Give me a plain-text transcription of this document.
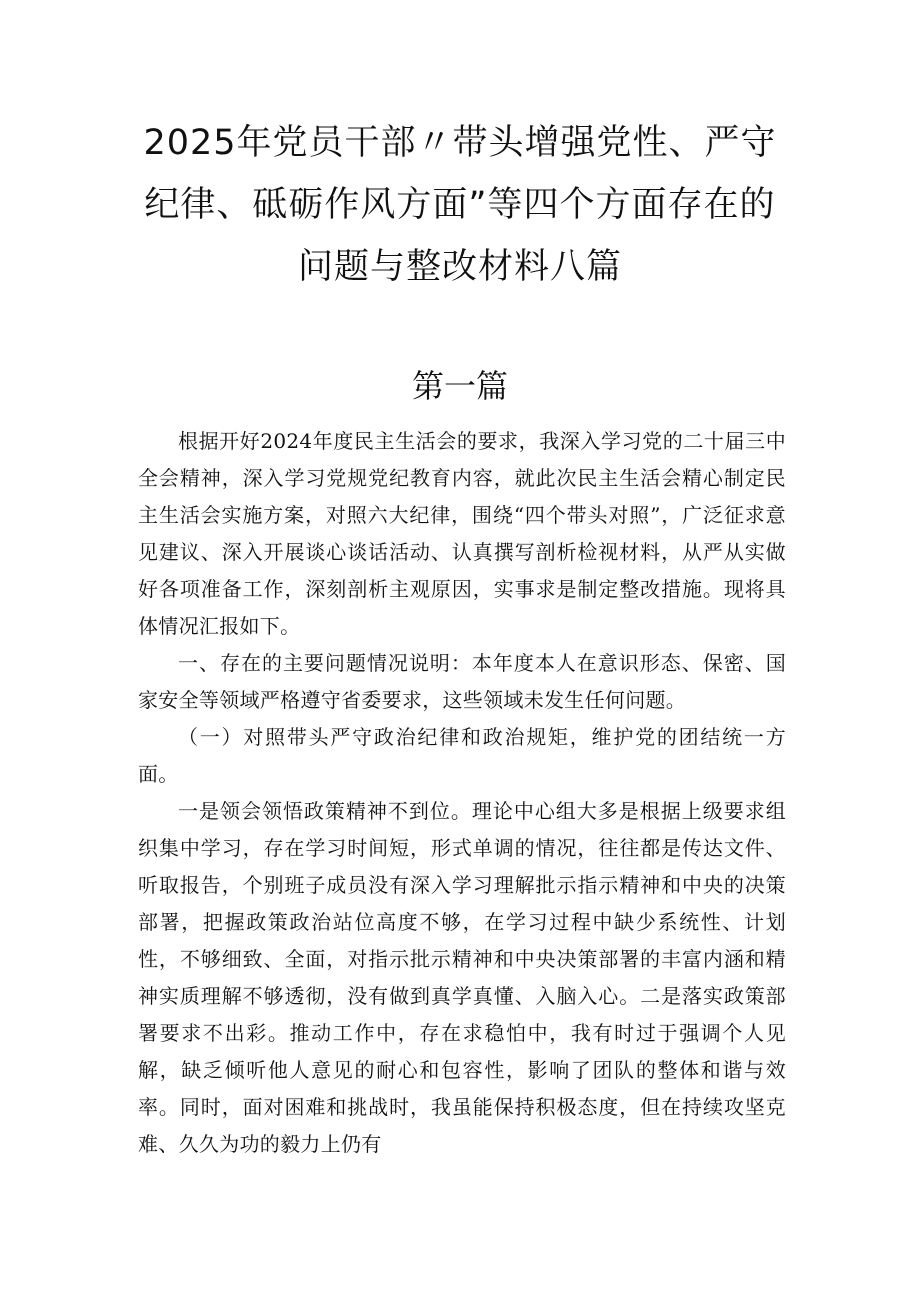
2025年党员干部〃带头增强党性、严守纪律、砥砺作风方面”等四个方面存在的问题与整改材料八篇
第一篇

根据开好2024年度民主生活会的要求，我深入学习党的二十届三中全会精神，深入学习党规党纪教育内容，就此次民主生活会精心制定民主生活会实施方案，对照六大纪律，围绕“四个带头对照”，广泛征求意见建议、深入开展谈心谈话活动、认真撰写剖析检视材料，从严从实做好各项准备工作，深刻剖析主观原因，实事求是制定整改措施。现将具体情况汇报如下。

一、存在的主要问题情况说明：本年度本人在意识形态、保密、国家安全等领域严格遵守省委要求，这些领域未发生任何问题。

（一）对照带头严守政治纪律和政治规矩，维护党的团结统一方面。

一是领会领悟政策精神不到位。理论中心组大多是根据上级要求组织集中学习，存在学习时间短，形式单调的情况，往往都是传达文件、听取报告，个别班子成员没有深入学习理解批示指示精神和中央的决策部署，把握政策政治站位高度不够，在学习过程中缺少系统性、计划性，不够细致、全面，对指示批示精神和中央决策部署的丰富内涵和精神实质理解不够透彻，没有做到真学真懂、入脑入心。二是落实政策部署要求不出彩。推动工作中，存在求稳怕中，我有时过于强调个人见解，缺乏倾听他人意见的耐心和包容性，影响了团队的整体和谐与效率。同时，面对困难和挑战时，我虽能保持积极态度，但在持续攻坚克难、久久为功的毅力上仍有
